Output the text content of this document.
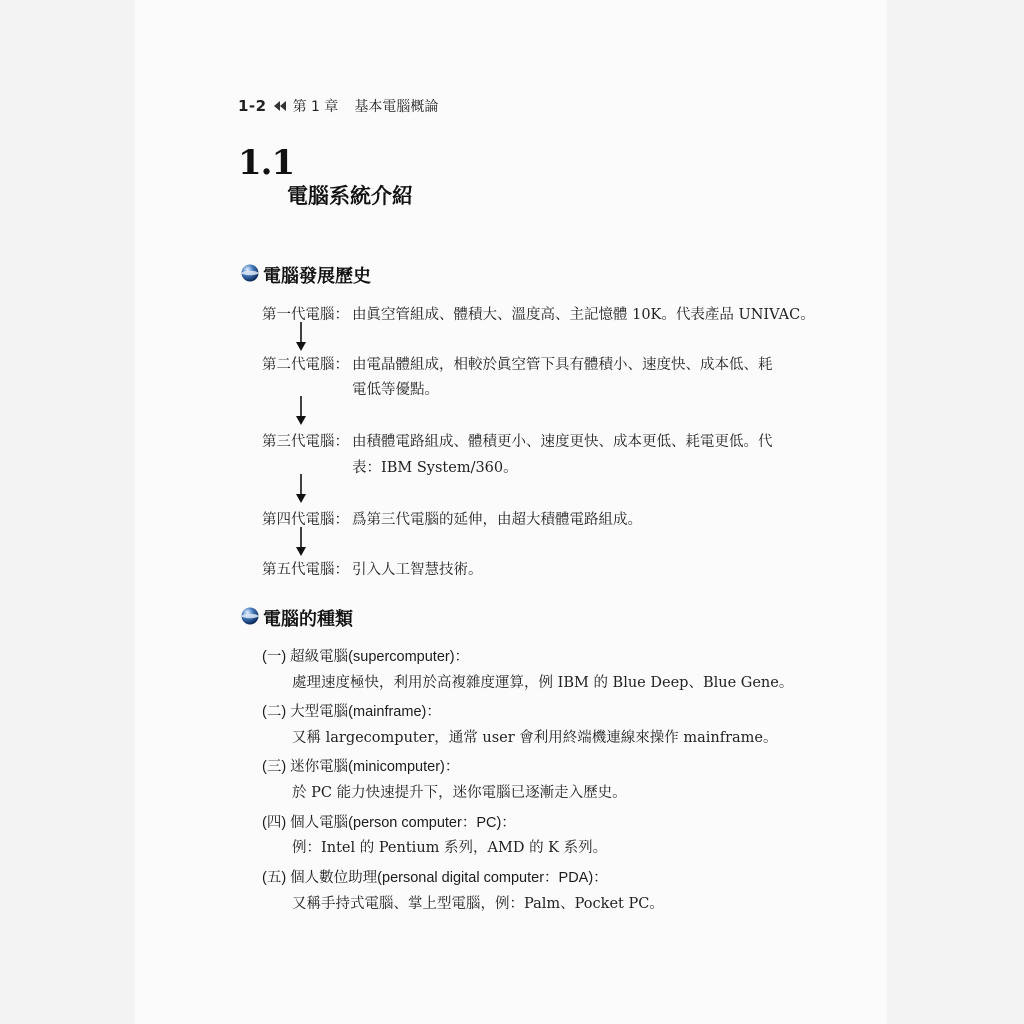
1-2 第 1 章 基本電腦概論
1.1
電腦系統介紹
電腦發展歷史
第一代電腦： 由眞空管組成、體積大、溫度高、主記憶體 10K。代表產品 UNIVAC。
第二代電腦： 由電晶體組成，相較於眞空管下具有體積小、速度快、成本低、耗
電低等優點。
第三代電腦： 由積體電路組成、體積更小、速度更快、成本更低、耗電更低。代
表：IBM System/360。
第四代電腦： 爲第三代電腦的延伸，由超大積體電路組成。
第五代電腦： 引入人工智慧技術。
電腦的種類
(一) 超級電腦(supercomputer)：
處理速度極快，利用於高複雜度運算，例 IBM 的 Blue Deep、Blue Gene。
(二) 大型電腦(mainframe)：
又稱 largecomputer，通常 user 會利用終端機連線來操作 mainframe。
(三) 迷你電腦(minicomputer)：
於 PC 能力快速提升下，迷你電腦已逐漸走入歷史。
(四) 個人電腦(person computer：PC)：
例：Intel 的 Pentium 系列，AMD 的 K 系列。
(五) 個人數位助理(personal digital computer：PDA)：
又稱手持式電腦、掌上型電腦，例：Palm、Pocket PC。
